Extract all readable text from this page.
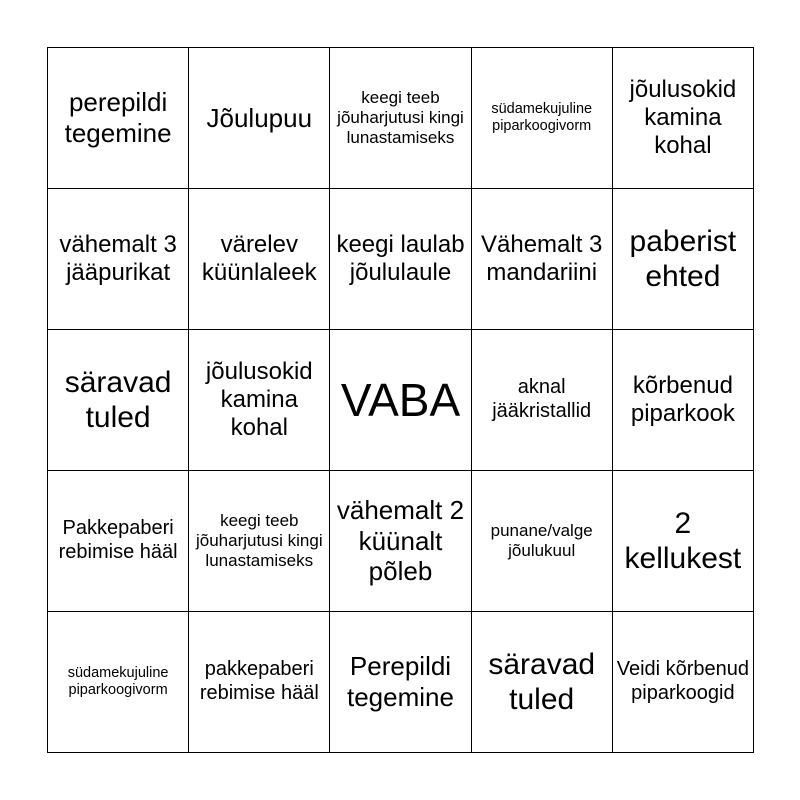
perepildi tegemine
Jõulupuu
keegi teeb jõuharjutusi kingi lunastamiseks
südamekujuline piparkoogivorm
jõulusokid kamina kohal
vähemalt 3 jääpurikat
värelev küünlaleek
keegi laulab jõululaule
Vähemalt 3 mandariini
paberist ehted
säravad tuled
jõulusokid kamina kohal
VABA	aknal jääkristallid
kõrbenud piparkook
Pakkepaberi rebimise hääl
keegi teeb jõuharjutusi kingi lunastamiseks
vähemalt 2 küünalt põleb
punane/valge jõulukuul
2 kellukest
südamekujuline piparkoogivorm
pakkepaberi rebimise hääl
Perepildi tegemine
säravad tuled
Veidi kõrbenud piparkoogid
